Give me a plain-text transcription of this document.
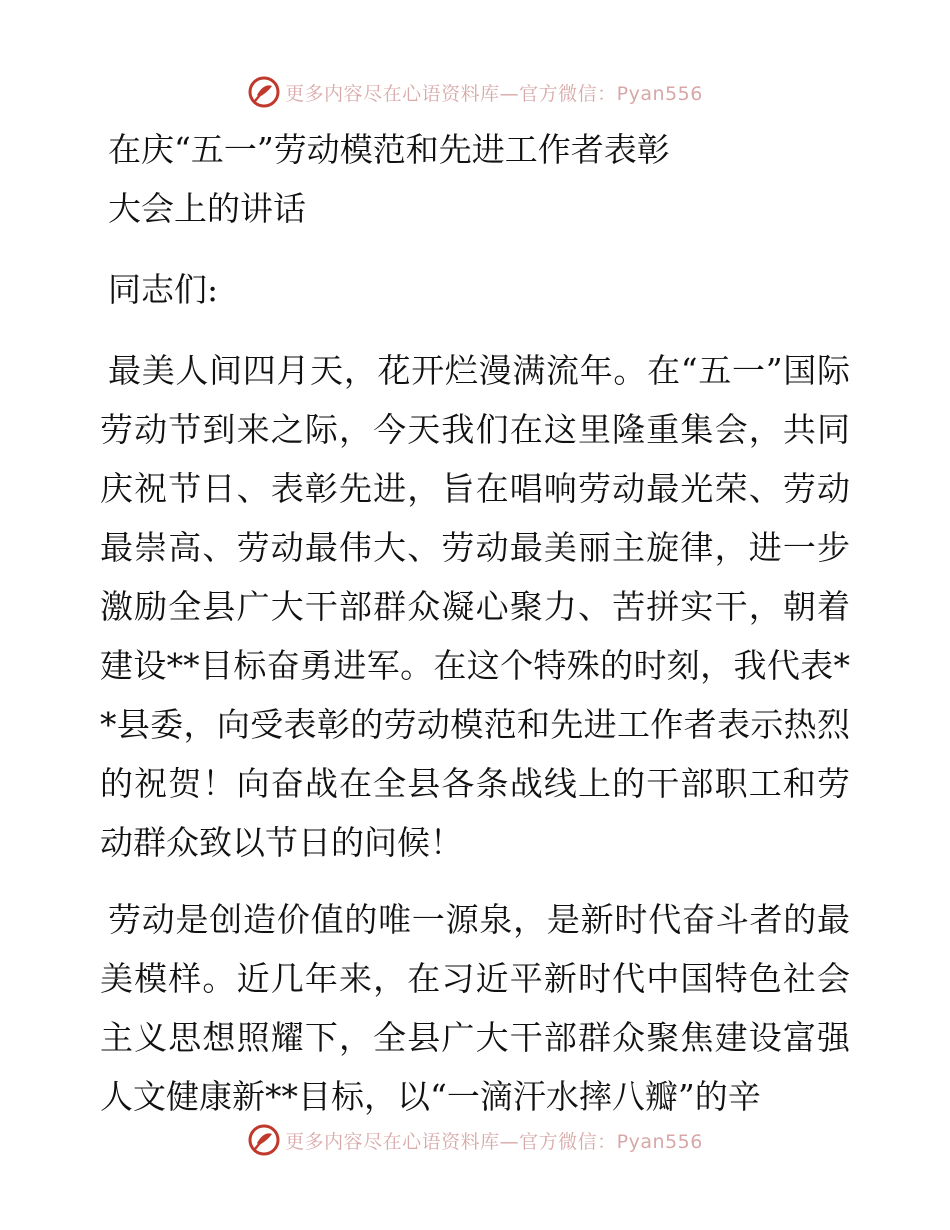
更多内容尽在心语资料库—官方微信：Pyan556

在庆“五一”劳动模范和先进工作者表彰

大会上的讲话

同志们:

最美人间四月天，花开烂漫满流年。在“五一”国际劳动节到来之际，今天我们在这里隆重集会，共同庆祝节日、表彰先进，旨在唱响劳动最光荣、劳动最崇高、劳动最伟大、劳动最美丽主旋律，进一步激励全县广大干部群众凝心聚力、苦拼实干，朝着建设**目标奋勇进军。在这个特殊的时刻，我代表**县委，向受表彰的劳动模范和先进工作者表示热烈的祝贺！向奋战在全县各条战线上的干部职工和劳动群众致以节日的问候！

劳动是创造价值的唯一源泉，是新时代奋斗者的最美模样。近几年来，在习近平新时代中国特色社会主义思想照耀下，全县广大干部群众聚焦建设富强人文健康新**目标，以“一滴汗水摔八瓣”的辛

更多内容尽在心语资料库—官方微信：Pyan556
